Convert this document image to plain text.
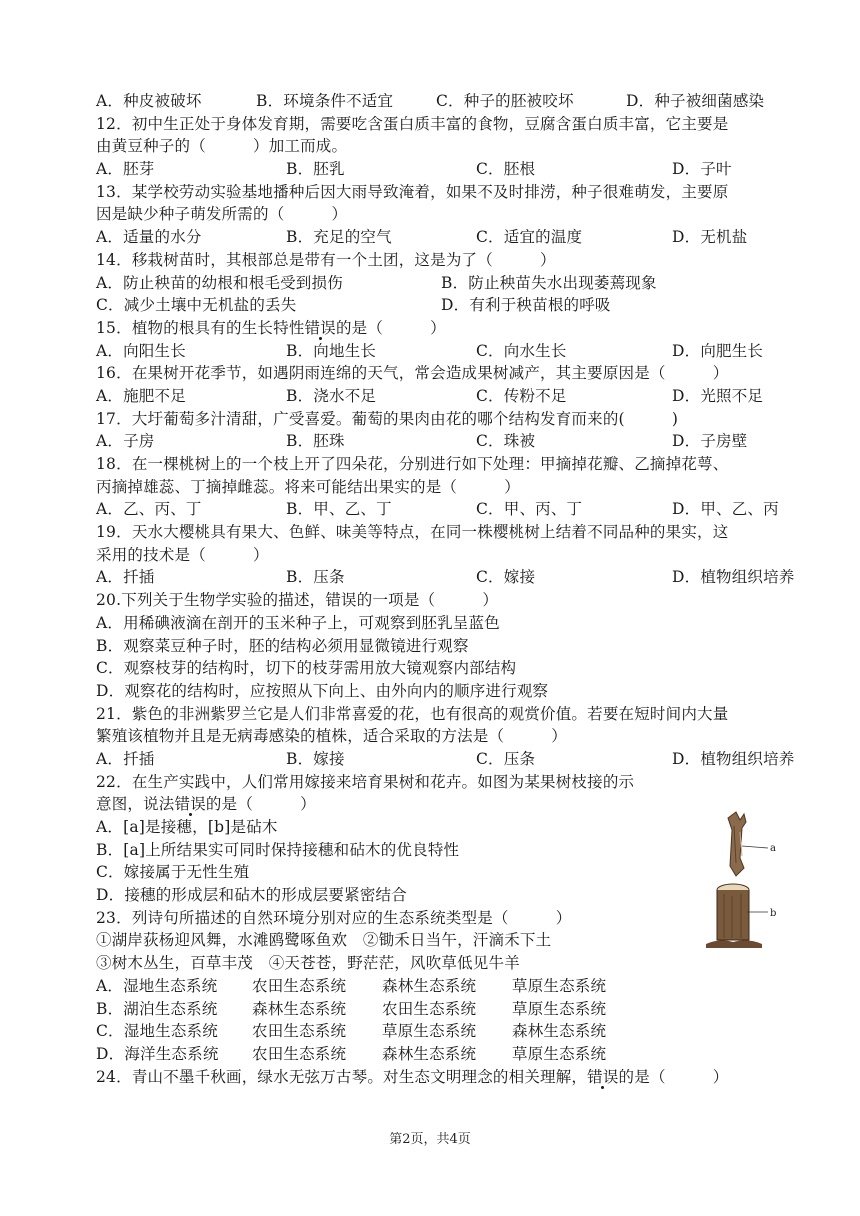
A．种皮被破坏	B．环境条件不适宜	C．种子的胚被咬坏	D．种子被细菌感染
12．初中生正处于身体发育期，需要吃含蛋白质丰富的食物，豆腐含蛋白质丰富，它主要是
由黄豆种子的（　　　）加工而成。
A．胚芽	B．胚乳	C．胚根	D．子叶
13．某学校劳动实验基地播种后因大雨导致淹着，如果不及时排涝，种子很难萌发，主要原
因是缺少种子萌发所需的（　　　）
A．适量的水分	B．充足的空气	C．适宜的温度	D．无机盐
14．移栽树苗时，其根部总是带有一个土团，这是为了（　　　）
A．防止秧苗的幼根和根毛受到损伤	B．防止秧苗失水出现萎蔫现象
C．减少土壤中无机盐的丢失	D．有利于秧苗根的呼吸
15．植物的根具有的生长特性错误的是（　　　）
A．向阳生长	B．向地生长	C．向水生长	D．向肥生长
16．在果树开花季节，如遇阴雨连绵的天气，常会造成果树减产，其主要原因是（　　　）
A．施肥不足	B．浇水不足	C．传粉不足	D．光照不足
17．大圩葡萄多汁清甜，广受喜爱。葡萄的果肉由花的哪个结构发育而来的(　　　)
A．子房	B．胚珠	C．珠被	D．子房壁
18．在一棵桃树上的一个枝上开了四朵花，分别进行如下处理：甲摘掉花瓣、乙摘掉花萼、
丙摘掉雄蕊、丁摘掉雌蕊。将来可能结出果实的是（　　　）
A．乙、丙、丁	B．甲、乙、丁	C．甲、丙、丁	D．甲、乙、丙
19．天水大樱桃具有果大、色鲜、味美等特点，在同一株樱桃树上结着不同品种的果实，这
采用的技术是（　　　）
A．扦插	B．压条	C．嫁接	D．植物组织培养
20.下列关于生物学实验的描述，错误的一项是（　　　）
A．用稀碘液滴在剖开的玉米种子上，可观察到胚乳呈蓝色
B．观察菜豆种子时，胚的结构必须用显微镜进行观察
C．观察枝芽的结构时，切下的枝芽需用放大镜观察内部结构
D．观察花的结构时，应按照从下向上、由外向内的顺序进行观察
21．紫色的非洲紫罗兰它是人们非常喜爱的花，也有很高的观赏价值。若要在短时间内大量
繁殖该植物并且是无病毒感染的植株，适合采取的方法是（　　　）
A．扦插	B．嫁接	C．压条	D．植物组织培养
22．在生产实践中，人们常用嫁接来培育果树和花卉。如图为某果树枝接的示
意图，说法错误的是（　　　）
A．[a]是接穗，[b]是砧木
B．[a]上所结果实可同时保持接穗和砧木的优良特性
C．嫁接属于无性生殖
D．接穗的形成层和砧木的形成层要紧密结合
23．列诗句所描述的自然环境分别对应的生态系统类型是（　　　）
①湖岸荻杨迎风舞，水滩鸥鹭啄鱼欢　②锄禾日当午，汗滴禾下土
③树木丛生，百草丰茂　④天苍苍，野茫茫，风吹草低见牛羊
A．湿地生态系统	农田生态系统	森林生态系统	草原生态系统
B．湖泊生态系统	森林生态系统	农田生态系统	草原生态系统
C．湿地生态系统	农田生态系统	草原生态系统	森林生态系统
D．海洋生态系统	农田生态系统	森林生态系统	草原生态系统
24．青山不墨千秋画，绿水无弦万古琴。对生态文明理念的相关理解，错误的是（　　　）
a
b
第2页，共4页
